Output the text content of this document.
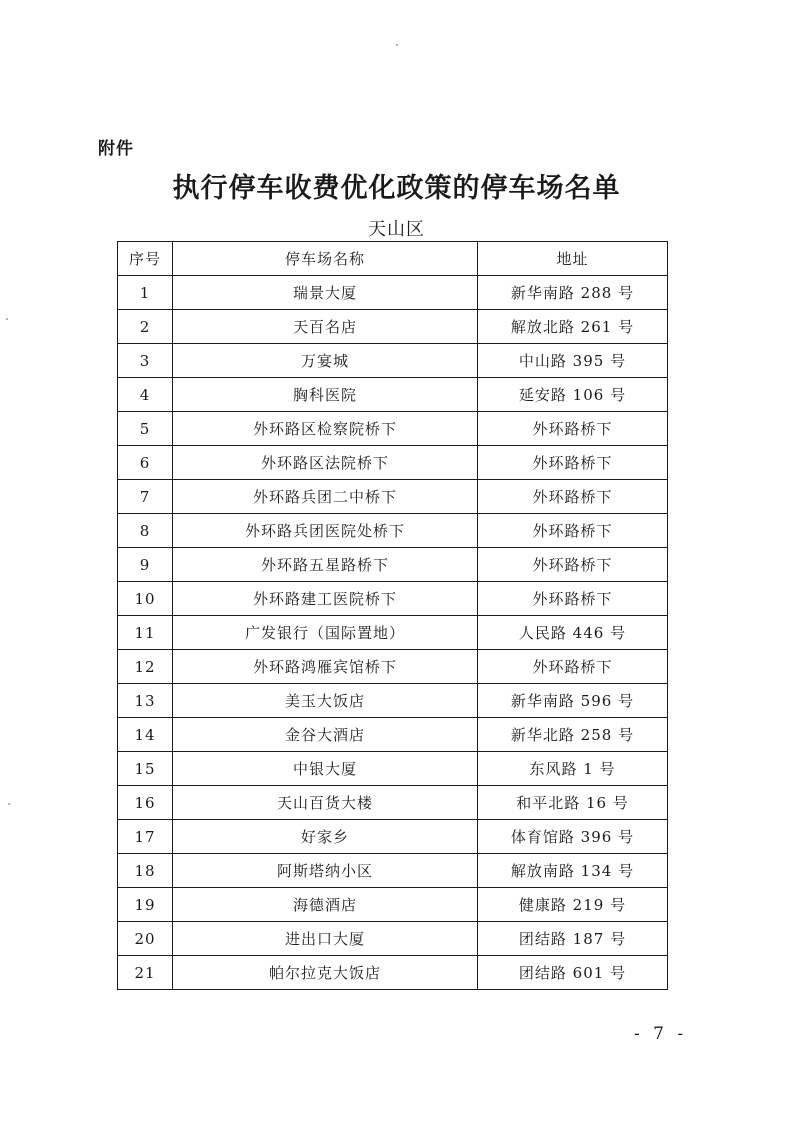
附件
执行停车收费优化政策的停车场名单
天山区
序号	停车场名称	地址
1	瑞景大厦	新华南路 288 号
2	天百名店	解放北路 261 号
3	万宴城	中山路 395 号
4	胸科医院	延安路 106 号
5	外环路区检察院桥下	外环路桥下
6	外环路区法院桥下	外环路桥下
7	外环路兵团二中桥下	外环路桥下
8	外环路兵团医院处桥下	外环路桥下
9	外环路五星路桥下	外环路桥下
10	外环路建工医院桥下	外环路桥下
11	广发银行（国际置地）	人民路 446 号
12	外环路鸿雁宾馆桥下	外环路桥下
13	美玉大饭店	新华南路 596 号
14	金谷大酒店	新华北路 258 号
15	中银大厦	东风路 1 号
16	天山百货大楼	和平北路 16 号
17	好家乡	体育馆路 396 号
18	阿斯塔纳小区	解放南路 134 号
19	海德酒店	健康路 219 号
20	进出口大厦	团结路 187 号
21	帕尔拉克大饭店	团结路 601 号
- 7 -
